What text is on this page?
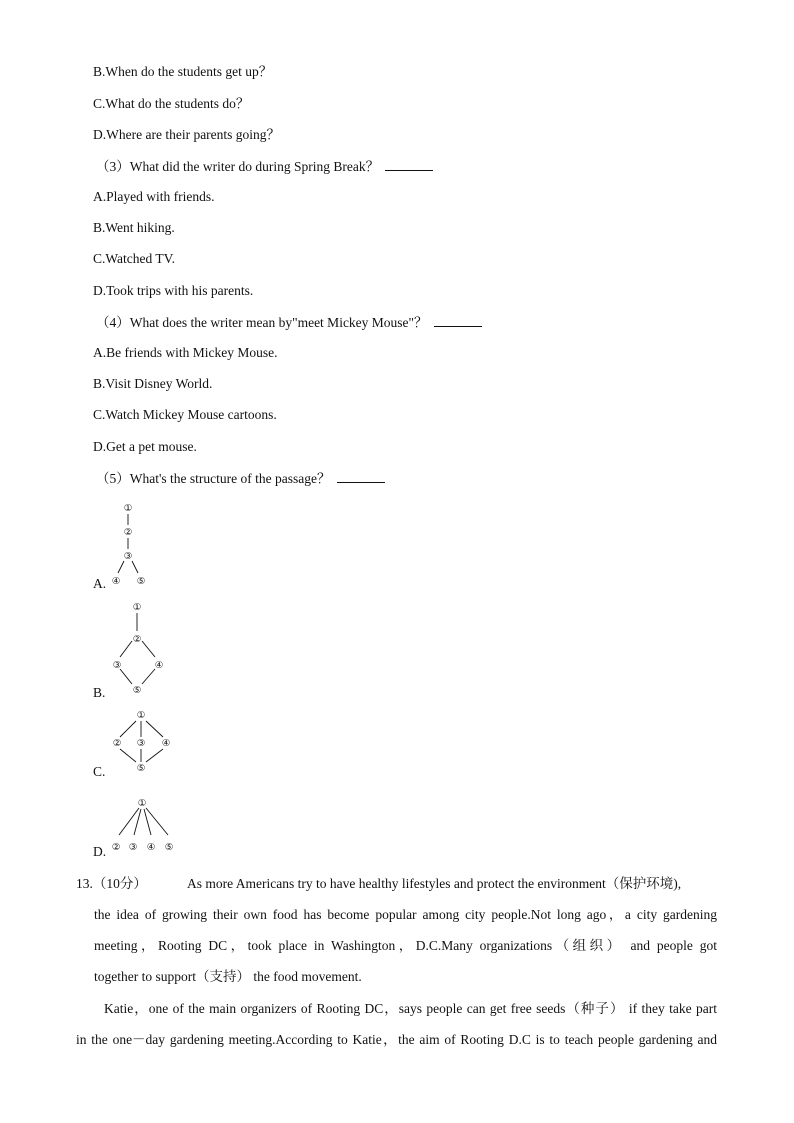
B.When do the students get up？
C.What do the students do？
D.Where are their parents going？
（3）What did the writer do during Spring Break？
A.Played with friends.
B.Went hiking.
C.Watched TV.
D.Took trips with his parents.
（4）What does the writer mean by"meet Mickey Mouse"？
A.Be friends with Mickey Mouse.
B.Visit Disney World.
C.Watch Mickey Mouse cartoons.
D.Get a pet mouse.
（5）What's the structure of the passage？
A.
①
②
③
④ ⑤
B.
①
②
③	④
⑤
C.
①
② ③ ④
⑤
D.
①
② ③ ④ ⑤
13.（10分）	As more Americans try to have healthy lifestyles and protect the environment（保护环境),
the idea of growing their own food has become popular among city people.Not long ago，a city gardening
meeting，Rooting DC，took place in Washington，D.C.Many organizations（组织） and people got
together to support（支持） the food movement.
Katie，one of the main organizers of Rooting DC，says people can get free seeds（种子） if they take part
in the one－day gardening meeting.According to Katie，the aim of Rooting D.C is to teach people gardening and
